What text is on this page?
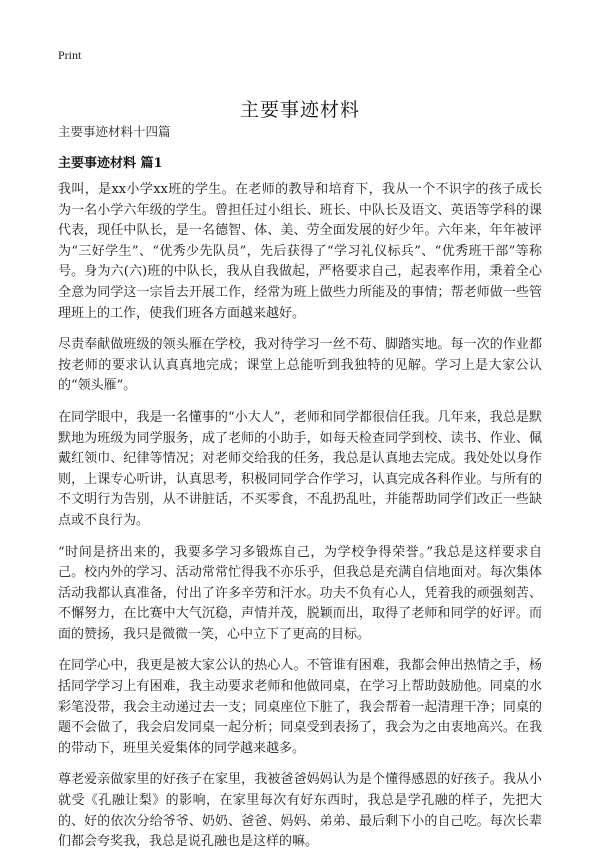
Print
主要事迹材料
主要事迹材料十四篇
主要事迹材料 篇1

我叫，是xx小学xx班的学生。在老师的教导和培育下，我从一个不识字的孩子成长为一名小学六年级的学生。曾担任过小组长、班长、中队长及语文、英语等学科的课代表，现任中队长，是一名德智、体、美、劳全面发展的好少年。六年来，年年被评为“三好学生”、“优秀少先队员”，先后获得了“学习礼仪标兵”、“优秀班干部”等称号。身为六(六)班的中队长，我从自我做起，严格要求自己，起表率作用，秉着全心全意为同学这一宗旨去开展工作，经常为班上做些力所能及的事情；帮老师做一些管理班上的工作，使我们班各方面越来越好。

尽责奉献做班级的领头雁在学校，我对待学习一丝不苟、脚踏实地。每一次的作业都按老师的要求认认真真地完成；课堂上总能听到我独特的见解。学习上是大家公认的“领头雁”。

在同学眼中，我是一名懂事的“小大人”，老师和同学都很信任我。几年来，我总是默默地为班级为同学服务，成了老师的小助手，如每天检查同学到校、读书、作业、佩戴红领巾、纪律等情况；对老师交给我的任务，我总是认真地去完成。我处处以身作则，上课专心听讲，认真思考，积极同同学合作学习，认真完成各科作业。与所有的不文明行为告别，从不讲脏话，不买零食，不乱扔乱吐，并能帮助同学们改正一些缺点或不良行为。

“时间是挤出来的，我要多学习多锻炼自己，为学校争得荣誉。”我总是这样要求自己。校内外的学习、活动常常忙得我不亦乐乎，但我总是充满自信地面对。每次集体活动我都认真准备，付出了许多辛劳和汗水。功夫不负有心人，凭着我的顽强刻苦、不懈努力，在比赛中大气沉稳，声情并茂，脱颖而出，取得了老师和同学的好评。而面的赞扬，我只是微微一笑，心中立下了更高的目标。

在同学心中，我更是被大家公认的热心人。不管谁有困难，我都会伸出热情之手，杨括同学学习上有困难，我主动要求老师和他做同桌，在学习上帮助鼓励他。同桌的水彩笔没带，我会主动递过去一支；同桌座位下脏了，我会帮着一起清理干净；同桌的题不会做了，我会启发同桌一起分析；同桌受到表扬了，我会为之由衷地高兴。在我的带动下，班里关爱集体的同学越来越多。

尊老爱亲做家里的好孩子在家里，我被爸爸妈妈认为是个懂得感恩的好孩子。我从小就受《孔融让梨》的影响，在家里每次有好东西时，我总是学孔融的样子，先把大的、好的依次分给爷爷、奶奶、爸爸、妈妈、弟弟、最后剩下小的自己吃。每次长辈们都会夸奖我，我总是说孔融也是这样的嘛。
